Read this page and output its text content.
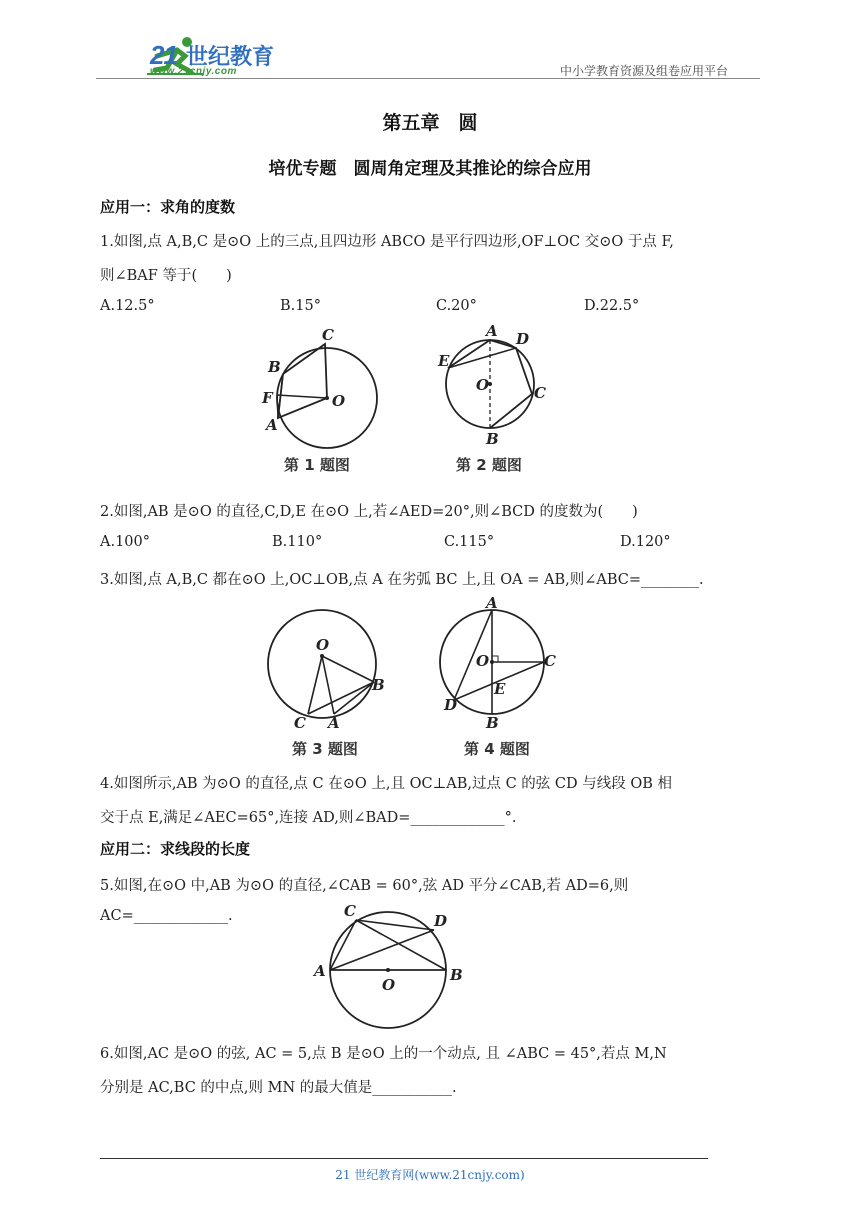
21 世纪教育
www.21cnjy.com	中小学教育资源及组卷应用平台
第五章　圆
培优专题　圆周角定理及其推论的综合应用
应用一：求角的度数
1.如图,点 A,B,C 是⊙O 上的三点,且四边形 ABCO 是平行四边形,OF⊥OC 交⊙O 于点 F,
则∠BAF 等于(　　)
A.12.5°	B.15°	C.20°	D.22.5°
C
B
F	O
A
第 1 题图
A D
E
O	C
B
第 2 题图
2.如图,AB 是⊙O 的直径,C,D,E 在⊙O 上,若∠AED=20°,则∠BCD 的度数为(　　)
A.100°	B.110°	C.115°	D.120°
3.如图,点 A,B,C 都在⊙O 上,OC⊥OB,点 A 在劣弧 BC 上,且 OA = AB,则∠ABC=________.
O
B
C A
第 3 题图
A
O	C
E
D
B
第 4 题图
4.如图所示,AB 为⊙O 的直径,点 C 在⊙O 上,且 OC⊥AB,过点 C 的弦 CD 与线段 OB 相
交于点 E,满足∠AEC=65°,连接 AD,则∠BAD=_____________°.
应用二：求线段的长度
5.如图,在⊙O 中,AB 为⊙O 的直径,∠CAB = 60°,弦 AD 平分∠CAB,若 AD=6,则
AC=_____________.	C
D
A
O
B
6.如图,AC 是⊙O 的弦, AC = 5,点 B 是⊙O 上的一个动点, 且 ∠ABC = 45°,若点 M,N
分别是 AC,BC 的中点,则 MN 的最大值是___________.
21 世纪教育网(www.21cnjy.com)
